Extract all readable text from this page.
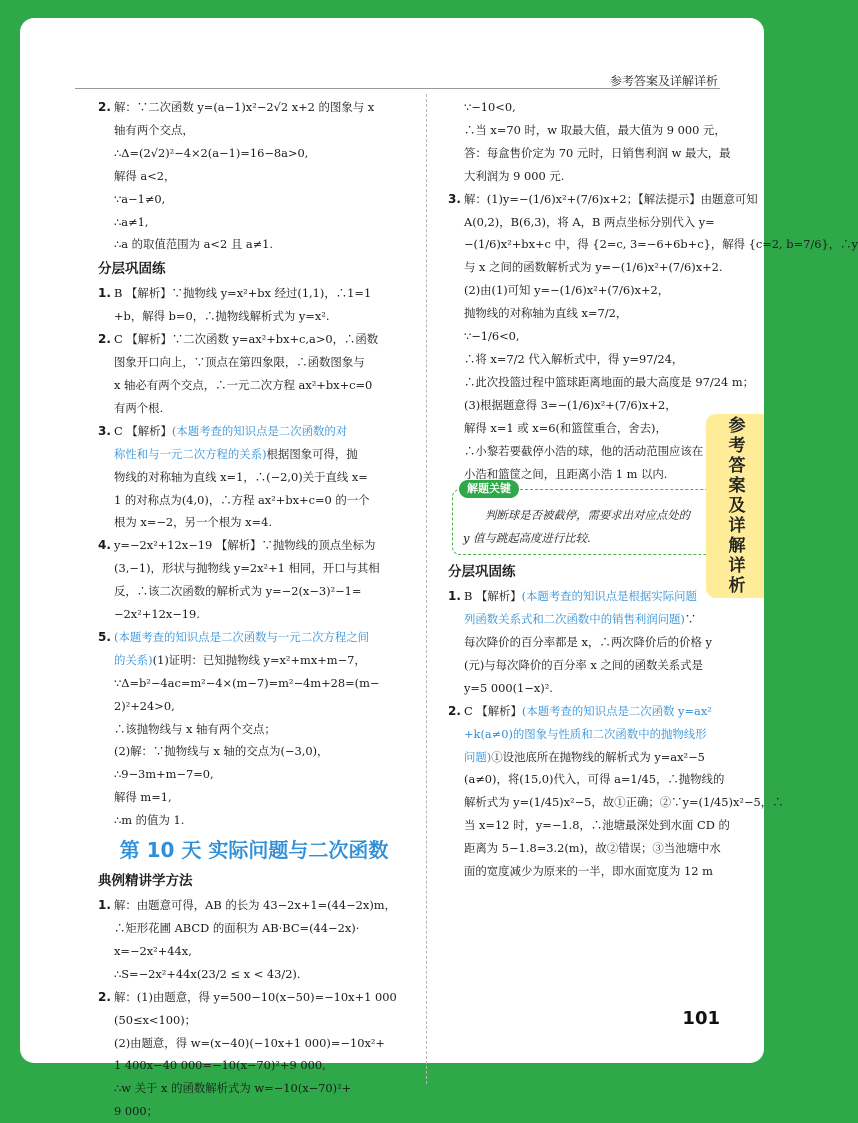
参考答案及详解详析
2. 解：∵二次函数 y=(a−1)x²−2√2 x+2 的图象与 x
轴有两个交点，
∴Δ=(2√2)²−4×2(a−1)=16−8a>0,
解得 a<2，
∵a−1≠0,
∴a≠1,
∴a 的取值范围为 a<2 且 a≠1.
分层巩固练
1. B 【解析】∵抛物线 y=x²+bx 经过(1,1)，∴1=1
+b，解得 b=0，∴抛物线解析式为 y=x².
2. C 【解析】∵二次函数 y=ax²+bx+c,a>0，∴函数
图象开口向上，∵顶点在第四象限，∴函数图象与
x 轴必有两个交点，∴一元二次方程 ax²+bx+c=0
有两个根.
3. C 【解析】(本题考查的知识点是二次函数的对
称性和与一元二次方程的关系)根据图象可得，抛
物线的对称轴为直线 x=1，∴(−2,0)关于直线 x=
1 的对称点为(4,0)，∴方程 ax²+bx+c=0 的一个
根为 x=−2，另一个根为 x=4.
4. y=−2x²+12x−19 【解析】∵抛物线的顶点坐标为
(3,−1)，形状与抛物线 y=2x²+1 相同，开口与其相
反，∴该二次函数的解析式为 y=−2(x−3)²−1=
−2x²+12x−19.
5. (本题考查的知识点是二次函数与一元二次方程之间
的关系)(1)证明：已知抛物线 y=x²+mx+m−7，
∵Δ=b²−4ac=m²−4×(m−7)=m²−4m+28=(m−
2)²+24>0,
∴该抛物线与 x 轴有两个交点；
(2)解：∵抛物线与 x 轴的交点为(−3,0)，
∴9−3m+m−7=0,
解得 m=1,
∴m 的值为 1.
第 10 天 实际问题与二次函数
典例精讲学方法
1. 解：由题意可得，AB 的长为 43−2x+1=(44−2x)m，
∴矩形花圃 ABCD 的面积为 AB·BC=(44−2x)·
x=−2x²+44x,
∴S=−2x²+44x(23/2 ≤ x < 43/2).
2. 解：(1)由题意，得 y=500−10(x−50)=−10x+1 000
(50≤x<100)；
(2)由题意，得 w=(x−40)(−10x+1 000)=−10x²+
1 400x−40 000=−10(x−70)²+9 000,
∴w 关于 x 的函数解析式为 w=−10(x−70)²+
9 000；
∵−10<0,
∴当 x=70 时，w 取最大值，最大值为 9 000 元，
答：每盒售价定为 70 元时，日销售利润 w 最大，最
大利润为 9 000 元.
3. 解：(1)y=−(1/6)x²+(7/6)x+2；【解法提示】由题意可知
A(0,2)，B(6,3)，将 A，B 两点坐标分别代入 y=
−(1/6)x²+bx+c 中，得 {2=c, 3=−6+6b+c}，解得 {c=2, b=7/6}，∴y
与 x 之间的函数解析式为 y=−(1/6)x²+(7/6)x+2.
(2)由(1)可知 y=−(1/6)x²+(7/6)x+2，
抛物线的对称轴为直线 x=7/2，
∵−1/6<0,
∴将 x=7/2 代入解析式中，得 y=97/24，
∴此次投篮过程中篮球距离地面的最大高度是 97/24 m；
(3)根据题意得 3=−(1/6)x²+(7/6)x+2，
解得 x=1 或 x=6(和篮筐重合，舍去)，
∴小黎若要截停小浩的球，他的活动范围应该在
小浩和篮筐之间，且距离小浩 1 m 以内.
解题关键
判断球是否被截停，需要求出对应点处的
y 值与跳起高度进行比较.
分层巩固练
1. B 【解析】(本题考查的知识点是根据实际问题
列函数关系式和二次函数中的销售利润问题)∵
每次降价的百分率都是 x，∴两次降价后的价格 y
(元)与每次降价的百分率 x 之间的函数关系式是
y=5 000(1−x)².
2. C 【解析】(本题考查的知识点是二次函数 y=ax²
+k(a≠0)的图象与性质和二次函数中的抛物线形
问题)①设池底所在抛物线的解析式为 y=ax²−5
(a≠0)，将(15,0)代入，可得 a=1/45，∴抛物线的
解析式为 y=(1/45)x²−5，故①正确；②∵y=(1/45)x²−5，∴
当 x=12 时，y=−1.8，∴池塘最深处到水面 CD 的
距离为 5−1.8=3.2(m)，故②错误；③当池塘中水
面的宽度减少为原来的一半，即水面宽度为 12 m
参考答案及详解详析
101
